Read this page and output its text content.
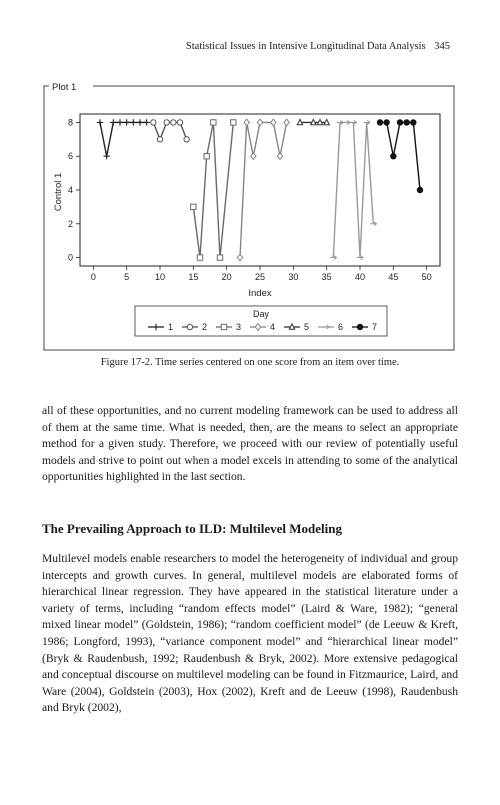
Statistical Issues in Intensive Longitudinal Data Analysis 345
Plot 1
Control 1
Index
0	5	10	15	20	25	30	35	40	45	50
0
2
4
6
8
Day
1	2	3	4	5	6	7
Figure 17-2. Time series centered on one score from an item over time.

all of these opportunities, and no current modeling framework can be used to address all of them at the same time. What is needed, then, are the means to select an appropriate method for a given study. Therefore, we proceed with our review of potentially useful models and strive to point out when a model excels in attending to some of the analytical opportunities highlighted in the last section.

The Prevailing Approach to ILD: Multilevel Modeling

Multilevel models enable researchers to model the heterogeneity of individual and group intercepts and growth curves. In general, multilevel models are elaborated forms of hierarchical linear regression. They have appeared in the statistical literature under a variety of terms, including “random effects model” (Laird & Ware, 1982); “general mixed linear model” (Goldstein, 1986); “random coefficient model” (de Leeuw & Kreft, 1986; Longford, 1993), “variance component model” and “hierarchical linear model” (Bryk & Raudenbush, 1992; Raudenbush & Bryk, 2002). More extensive pedagogical and conceptual discourse on multilevel modeling can be found in Fitzmaurice, Laird, and Ware (2004), Goldstein (2003), Hox (2002), Kreft and de Leeuw (1998), Raudenbush and Bryk (2002),
